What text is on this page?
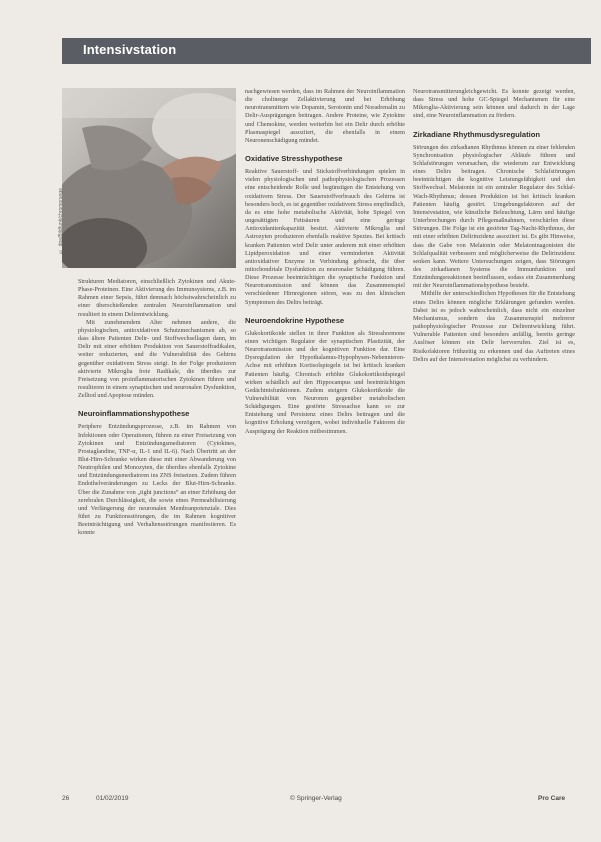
Intensivstation
© dpa/Bildfunk/chromorange

Strukturen Mediatoren, einschließlich Zytokinen und Akute-Phase-Proteinen. Eine Aktivierung des Immunsystems, z.B. im Rahmen einer Sepsis, führt demnach höchstwahrscheinlich zu einer überschießenden zentralen Neuroinflammation und resultiert in einem Delirentwicklung.

Mit zunehmendem Alter nehmen andere, die physiologischen, antioxidativen Schutzmechanismen ab, so dass ältere Patienten Delir- und Stoffwechsellagen dann, im Delir mit einer erhöhten Produktion von Sauerstoffradikalen, weiter reduzierten, und die Vulnerabilität des Gehirns gegenüber oxidativem Stress steigt. In der Folge produzieren aktivierte Mikroglia freie Radikale, die überdies zur Freisetzung von proinflammatorischen Zytokinen führen und resultieren in einem synaptischen und neuronalen Dysfunktion, Zelltod und Apoptose münden.

Neuroinflammationshypothese

Periphere Entzündungsprozesse, z.B. im Rahmen von Infektionen oder Operationen, führen zu einer Freisetzung von Zytokinen und Entzündungsmediatoren (Cytokines, Prostaglandine, TNF-α, IL-1 und IL-6). Nach Übertritt an der Blut-Hirn-Schranke wirken diese mit einer Abwanderung von Neutrophilen und Monozyten, die überdies ebenfalls Zytokine und Entzündungsmediatoren ins ZNS freisetzen. Zudem führen Endothelveränderungen zu Lecks der Blut-Hirn-Schranke. Über die Zunahme von „tight junctions“ an einer Erhöhung der zerebralen Durchlässigkeit, die sowie eines Permeabilisierung und Verlängerung der neuronalen Membranpotenziale. Dies führt zu Funktionsstörungen, die im Rahmen kognitiver Beeinträchtigung und Verhaltensstörungen manifestieren. Es konnte

nachgewiesen werden, dass im Rahmen der Neuroinflammation die cholinerge Zellaktivierung und bei Erhöhung neurotransmittern wie Dopamin, Serotonin und Noradrenalin zu Delir-Ausprägungen beitragen. Andere Proteine, wie Zytokine und Chemokine, werden weiterhin bei ein Delir durch erhöhte Plasmaspiegel assoziiert, die ebenfalls in einem Neuronenschädigung mündet.

Oxidative Stresshypothese

Reaktive Sauerstoff- und Stickstoffverbindungen spielen in vielen physiologischen und pathophysiologischen Prozessen eine entscheidende Rolle und begünstigen die Entstehung von oxidativem Stress. Der Sauerstoffverbrauch des Gehirns ist besonders hoch, es ist gegenüber oxidativem Stress empfindlich, da es eine hohe metabolische Aktivität, hohe Spiegel von ungesättigten Fettsäuren und eine geringe Antioxidantienkapazität besitzt. Aktivierte Mikroglia und Astrozyten produzieren ebenfalls reaktive Spezies. Bei kritisch kranken Patienten wird Delir unter anderem mit einer erhöhten Lipidperoxidation und einer verminderten Aktivität antioxidativer Enzyme in Verbindung gebracht, die über mitochondriale Dysfunktion zu neuronaler Schädigung führen. Diese Prozesse beeinträchtigen die synaptische Funktion und Neurotransmission und können das Zusammenspiel verschiedener Hirnregionen stören, was zu den klinischen Symptomen des Delirs beiträgt.

Neuroendokrine Hypothese

Glukokortikoide stellen in ihrer Funktion als Stresshormone einen wichtigen Regulator der synaptischen Plastizität, der Neurotransmission und der kognitiven Funktion dar. Eine Dysregulation der Hypothalamus-Hypophysen-Nebennieren-Achse mit erhöhten Kortisolspiegeln ist bei kritisch kranken Patienten häufig. Chronisch erhöhte Glukokortikoidspiegel wirken schädlich auf den Hippocampus und beeinträchtigen Gedächtnisfunktionen. Zudem steigern Glukokortikoide die Vulnerabilität von Neuronen gegenüber metabolischen Schädigungen. Eine gestörte Stressachse kann so zur Entstehung und Persistenz eines Delirs beitragen und die kognitive Erholung verzögern, wobei individuelle Faktoren die Ausprägung der Reaktion mitbestimmen.

Neurotransmitterungleichgewicht. Es konnte gezeigt werden, dass Stress und hohe GC-Spiegel Mechanismen für eine Mikroglia-Aktivierung sein können und dadurch in der Lage sind, eine Neuroinflammation zu fördern.

Zirkadiane Rhythmusdysregulation

Störungen des zirkadianen Rhythmus können zu einer fehlenden Synchronisation physiologischer Abläufe führen und Schlafstörungen verursachen, die wiederum zur Entwicklung eines Delirs beitragen. Chronische Schlafstörungen beeinträchtigen die kognitive Leistungsfähigkeit und den Stoffwechsel. Melatonin ist ein zentraler Regulator des Schlaf-Wach-Rhythmus; dessen Produktion ist bei kritisch kranken Patienten häufig gestört. Umgebungsfaktoren auf der Intensivstation, wie künstliche Beleuchtung, Lärm und häufige Unterbrechungen durch Pflegemaßnahmen, verschärfen diese Störungen. Die Folge ist ein gestörter Tag-Nacht-Rhythmus, der mit einer erhöhten Delirinzidenz assoziiert ist. Es gibt Hinweise, dass die Gabe von Melatonin oder Melatoninagonisten die Schlafqualität verbessern und möglicherweise die Delirinzidenz senken kann. Weitere Untersuchungen zeigen, dass Störungen des zirkadianen Systems die Immunfunktion und Entzündungsreaktionen beeinflussen, sodass ein Zusammenhang mit der Neuroinflammationshypothese besteht.

Mithilfe der unterschiedlichen Hypothesen für die Entstehung eines Delirs können mögliche Erklärungen gefunden werden. Dabei ist es jedoch wahrscheinlich, dass nicht ein einzelner Mechanismus, sondern das Zusammenspiel mehrerer pathophysiologischer Prozesse zur Delirentwicklung führt. Vulnerable Patienten sind besonders anfällig, bereits geringe Auslöser können ein Delir hervorrufen. Ziel ist es, Risikofaktoren frühzeitig zu erkennen und das Auftreten eines Delirs auf der Intensivstation möglichst zu verhindern.

26	01/02/2019	© Springer-Verlag	Pro Care
